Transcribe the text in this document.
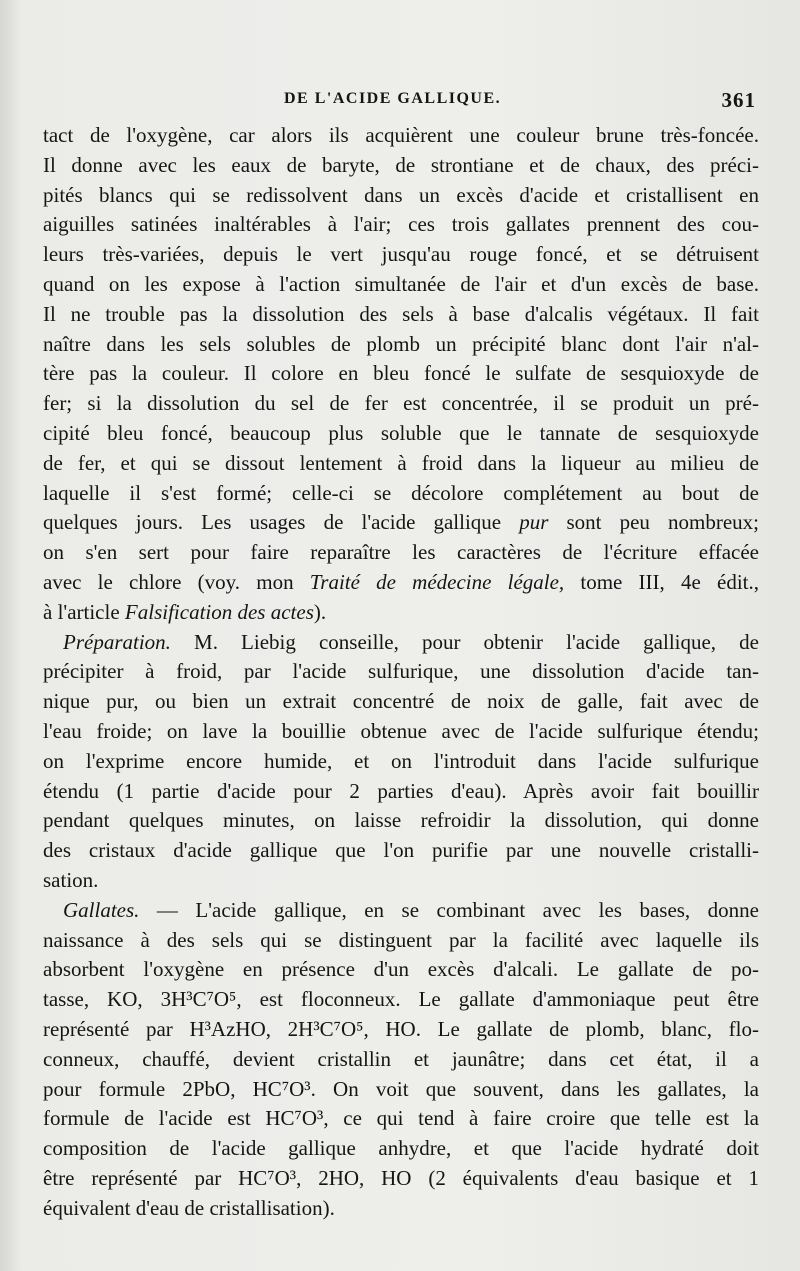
DE L'ACIDE GALLIQUE.	361
tact de l'oxygène, car alors ils acquièrent une couleur brune très-foncée.
Il donne avec les eaux de baryte, de strontiane et de chaux, des préci-
pités blancs qui se redissolvent dans un excès d'acide et cristallisent en
aiguilles satinées inaltérables à l'air; ces trois gallates prennent des cou-
leurs très-variées, depuis le vert jusqu'au rouge foncé, et se détruisent
quand on les expose à l'action simultanée de l'air et d'un excès de base.
Il ne trouble pas la dissolution des sels à base d'alcalis végétaux. Il fait
naître dans les sels solubles de plomb un précipité blanc dont l'air n'al-
tère pas la couleur. Il colore en bleu foncé le sulfate de sesquioxyde de
fer; si la dissolution du sel de fer est concentrée, il se produit un pré-
cipité bleu foncé, beaucoup plus soluble que le tannate de sesquioxyde
de fer, et qui se dissout lentement à froid dans la liqueur au milieu de
laquelle il s'est formé; celle-ci se décolore complétement au bout de
quelques jours. Les usages de l'acide gallique pur sont peu nombreux;
on s'en sert pour faire reparaître les caractères de l'écriture effacée
avec le chlore (voy. mon Traité de médecine légale, tome III, 4e édit.,
à l'article Falsification des actes).
Préparation. M. Liebig conseille, pour obtenir l'acide gallique, de
précipiter à froid, par l'acide sulfurique, une dissolution d'acide tan-
nique pur, ou bien un extrait concentré de noix de galle, fait avec de
l'eau froide; on lave la bouillie obtenue avec de l'acide sulfurique étendu;
on l'exprime encore humide, et on l'introduit dans l'acide sulfurique
étendu (1 partie d'acide pour 2 parties d'eau). Après avoir fait bouillir
pendant quelques minutes, on laisse refroidir la dissolution, qui donne
des cristaux d'acide gallique que l'on purifie par une nouvelle cristalli-
sation.
Gallates. — L'acide gallique, en se combinant avec les bases, donne
naissance à des sels qui se distinguent par la facilité avec laquelle ils
absorbent l'oxygène en présence d'un excès d'alcali. Le gallate de po-
tasse, KO, 3H³C⁷O⁵, est floconneux. Le gallate d'ammoniaque peut être
représenté par H³AzHO, 2H³C⁷O⁵, HO. Le gallate de plomb, blanc, flo-
conneux, chauffé, devient cristallin et jaunâtre; dans cet état, il a
pour formule 2PbO, HC⁷O³. On voit que souvent, dans les gallates, la
formule de l'acide est HC⁷O³, ce qui tend à faire croire que telle est la
composition de l'acide gallique anhydre, et que l'acide hydraté doit
être représenté par HC⁷O³, 2HO, HO (2 équivalents d'eau basique et 1
équivalent d'eau de cristallisation).
